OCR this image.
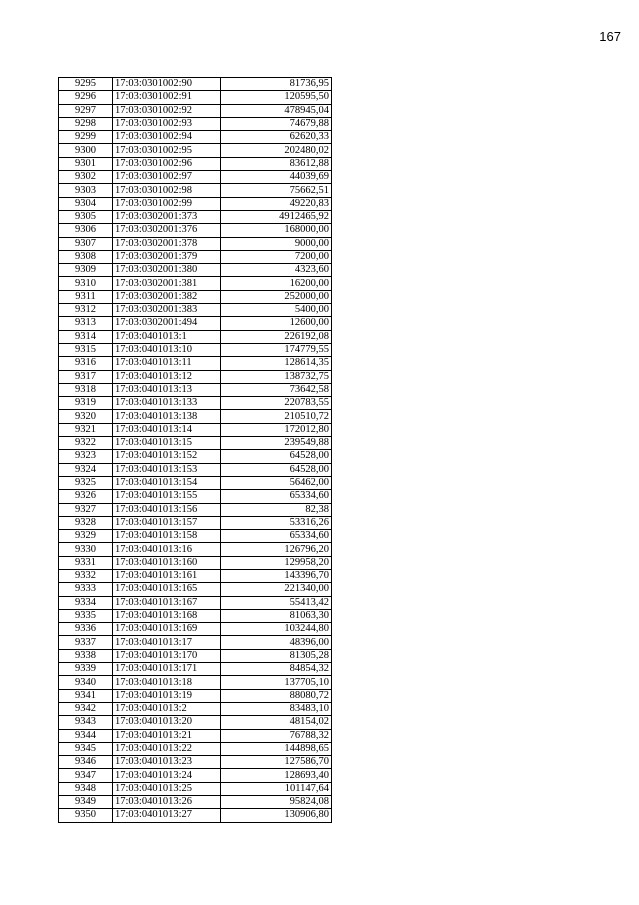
167
9295	17:03:0301002:90	81736,95
9296	17:03:0301002:91	120595,50
9297	17:03:0301002:92	478945,04
9298	17:03:0301002:93	74679,88
9299	17:03:0301002:94	62620,33
9300	17:03:0301002:95	202480,02
9301	17:03:0301002:96	83612,88
9302	17:03:0301002:97	44039,69
9303	17:03:0301002:98	75662,51
9304	17:03:0301002:99	49220,83
9305	17:03:0302001:373	4912465,92
9306	17:03:0302001:376	168000,00
9307	17:03:0302001:378	9000,00
9308	17:03:0302001:379	7200,00
9309	17:03:0302001:380	4323,60
9310	17:03:0302001:381	16200,00
9311	17:03:0302001:382	252000,00
9312	17:03:0302001:383	5400,00
9313	17:03:0302001:494	12600,00
9314	17:03:0401013:1	226192,08
9315	17:03:0401013:10	174779,55
9316	17:03:0401013:11	128614,35
9317	17:03:0401013:12	138732,75
9318	17:03:0401013:13	73642,58
9319	17:03:0401013:133	220783,55
9320	17:03:0401013:138	210510,72
9321	17:03:0401013:14	172012,80
9322	17:03:0401013:15	239549,88
9323	17:03:0401013:152	64528,00
9324	17:03:0401013:153	64528,00
9325	17:03:0401013:154	56462,00
9326	17:03:0401013:155	65334,60
9327	17:03:0401013:156	82,38
9328	17:03:0401013:157	53316,26
9329	17:03:0401013:158	65334,60
9330	17:03:0401013:16	126796,20
9331	17:03:0401013:160	129958,20
9332	17:03:0401013:161	143396,70
9333	17:03:0401013:165	221340,00
9334	17:03:0401013:167	55413,42
9335	17:03:0401013:168	81063,30
9336	17:03:0401013:169	103244,80
9337	17:03:0401013:17	48396,00
9338	17:03:0401013:170	81305,28
9339	17:03:0401013:171	84854,32
9340	17:03:0401013:18	137705,10
9341	17:03:0401013:19	88080,72
9342	17:03:0401013:2	83483,10
9343	17:03:0401013:20	48154,02
9344	17:03:0401013:21	76788,32
9345	17:03:0401013:22	144898,65
9346	17:03:0401013:23	127586,70
9347	17:03:0401013:24	128693,40
9348	17:03:0401013:25	101147,64
9349	17:03:0401013:26	95824,08
9350	17:03:0401013:27	130906,80
